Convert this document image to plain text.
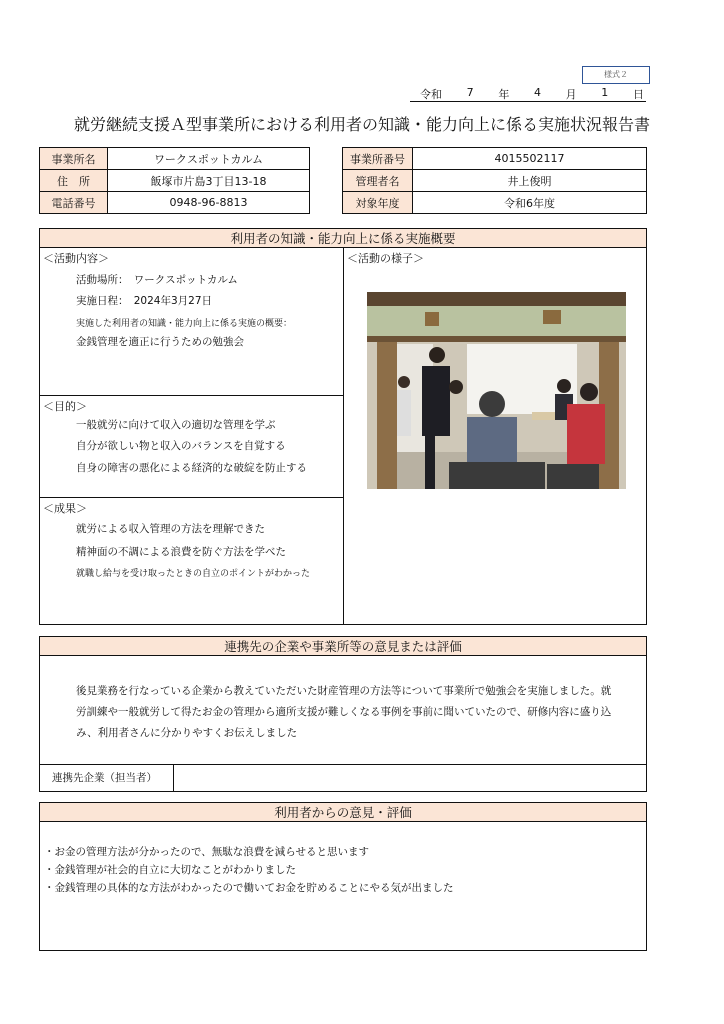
様式２
令和 7 年 4 月 1 日
就労継続支援Ａ型事業所における利用者の知識・能力向上に係る実施状況報告書
事業所名	ワークスポットカルム
住　所	飯塚市片島3丁目13-18
電話番号	0948-96-8813
事業所番号	4015502117
管理者名	井上俊明
対象年度	令和6年度
利用者の知識・能力向上に係る実施概要
＜活動内容＞
活動場所：　ワークスポットカルム
実施日程：　2024年3月27日
実施した利用者の知識・能力向上に係る実施の概要：
金銭管理を適正に行うための勉強会
＜目的＞
一般就労に向けて収入の適切な管理を学ぶ
自分が欲しい物と収入のバランスを自覚する
自身の障害の悪化による経済的な破綻を防止する
＜成果＞
就労による収入管理の方法を理解できた
精神面の不調による浪費を防ぐ方法を学べた
就職し給与を受け取ったときの自立のポイントがわかった
＜活動の様子＞
連携先の企業や事業所等の意見または評価
後見業務を行なっている企業から教えていただいた財産管理の方法等について事業所で勉強会を実施しました。就労訓練や一般就労して得たお金の管理から適所支援が難しくなる事例を事前に聞いていたので、研修内容に盛り込み、利用者さんに分かりやすくお伝えしました
連携先企業（担当者）
利用者からの意見・評価
・お金の管理方法が分かったので、無駄な浪費を減らせると思います
・金銭管理が社会的自立に大切なことがわかりました
・金銭管理の具体的な方法がわかったので働いてお金を貯めることにやる気が出ました
